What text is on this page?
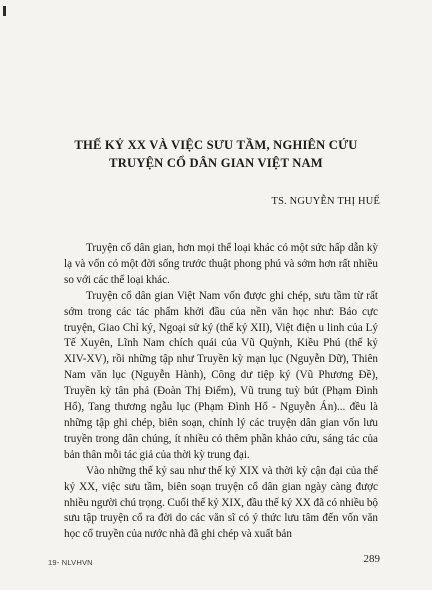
THẾ KỶ XX VÀ VIỆC SƯU TẦM, NGHIÊN CỨU
TRUYỆN CỔ DÂN GIAN VIỆT NAM
TS. NGUYỄN THỊ HUẾ

Truyện cổ dân gian, hơn mọi thể loại khác có một sức hấp dẫn kỳ lạ và vốn có một đời sống trước thuật phong phú và sớm hơn rất nhiều so với các thể loại khác.

Truyện cổ dân gian Việt Nam vốn được ghi chép, sưu tầm từ rất sớm trong các tác phẩm khởi đầu của nền văn học như: Báo cực truyện, Giao Chỉ ký, Ngoại sử ký (thế kỷ XII), Việt điện u linh của Lý Tế Xuyên, Lĩnh Nam chích quái của Vũ Quỳnh, Kiều Phú (thế kỷ XIV-XV), rồi những tập như Truyền kỳ mạn lục (Nguyễn Dữ), Thiên Nam văn lục (Nguyễn Hành), Công dư tiệp ký (Vũ Phương Đề), Truyền kỳ tân phả (Đoàn Thị Điểm), Vũ trung tuỳ bút (Phạm Đình Hổ), Tang thương ngẫu lục (Phạm Đình Hổ - Nguyễn Án)... đều là những tập ghi chép, biên soạn, chỉnh lý các truyện dân gian vốn lưu truyền trong dân chúng, ít nhiều có thêm phần khảo cứu, sáng tác của bản thân mỗi tác giả của thời kỳ trung đại.

Vào những thế kỷ sau như thế kỷ XIX và thời kỳ cận đại của thế kỷ XX, việc sưu tầm, biên soạn truyện cổ dân gian ngày càng được nhiều người chú trọng. Cuối thế kỷ XIX, đầu thế kỷ XX đã có nhiều bộ sưu tập truyện cổ ra đời do các văn sĩ có ý thức lưu tâm đến vốn văn học cổ truyền của nước nhà đã ghi chép và xuất bản

19- NLVHVN	289
